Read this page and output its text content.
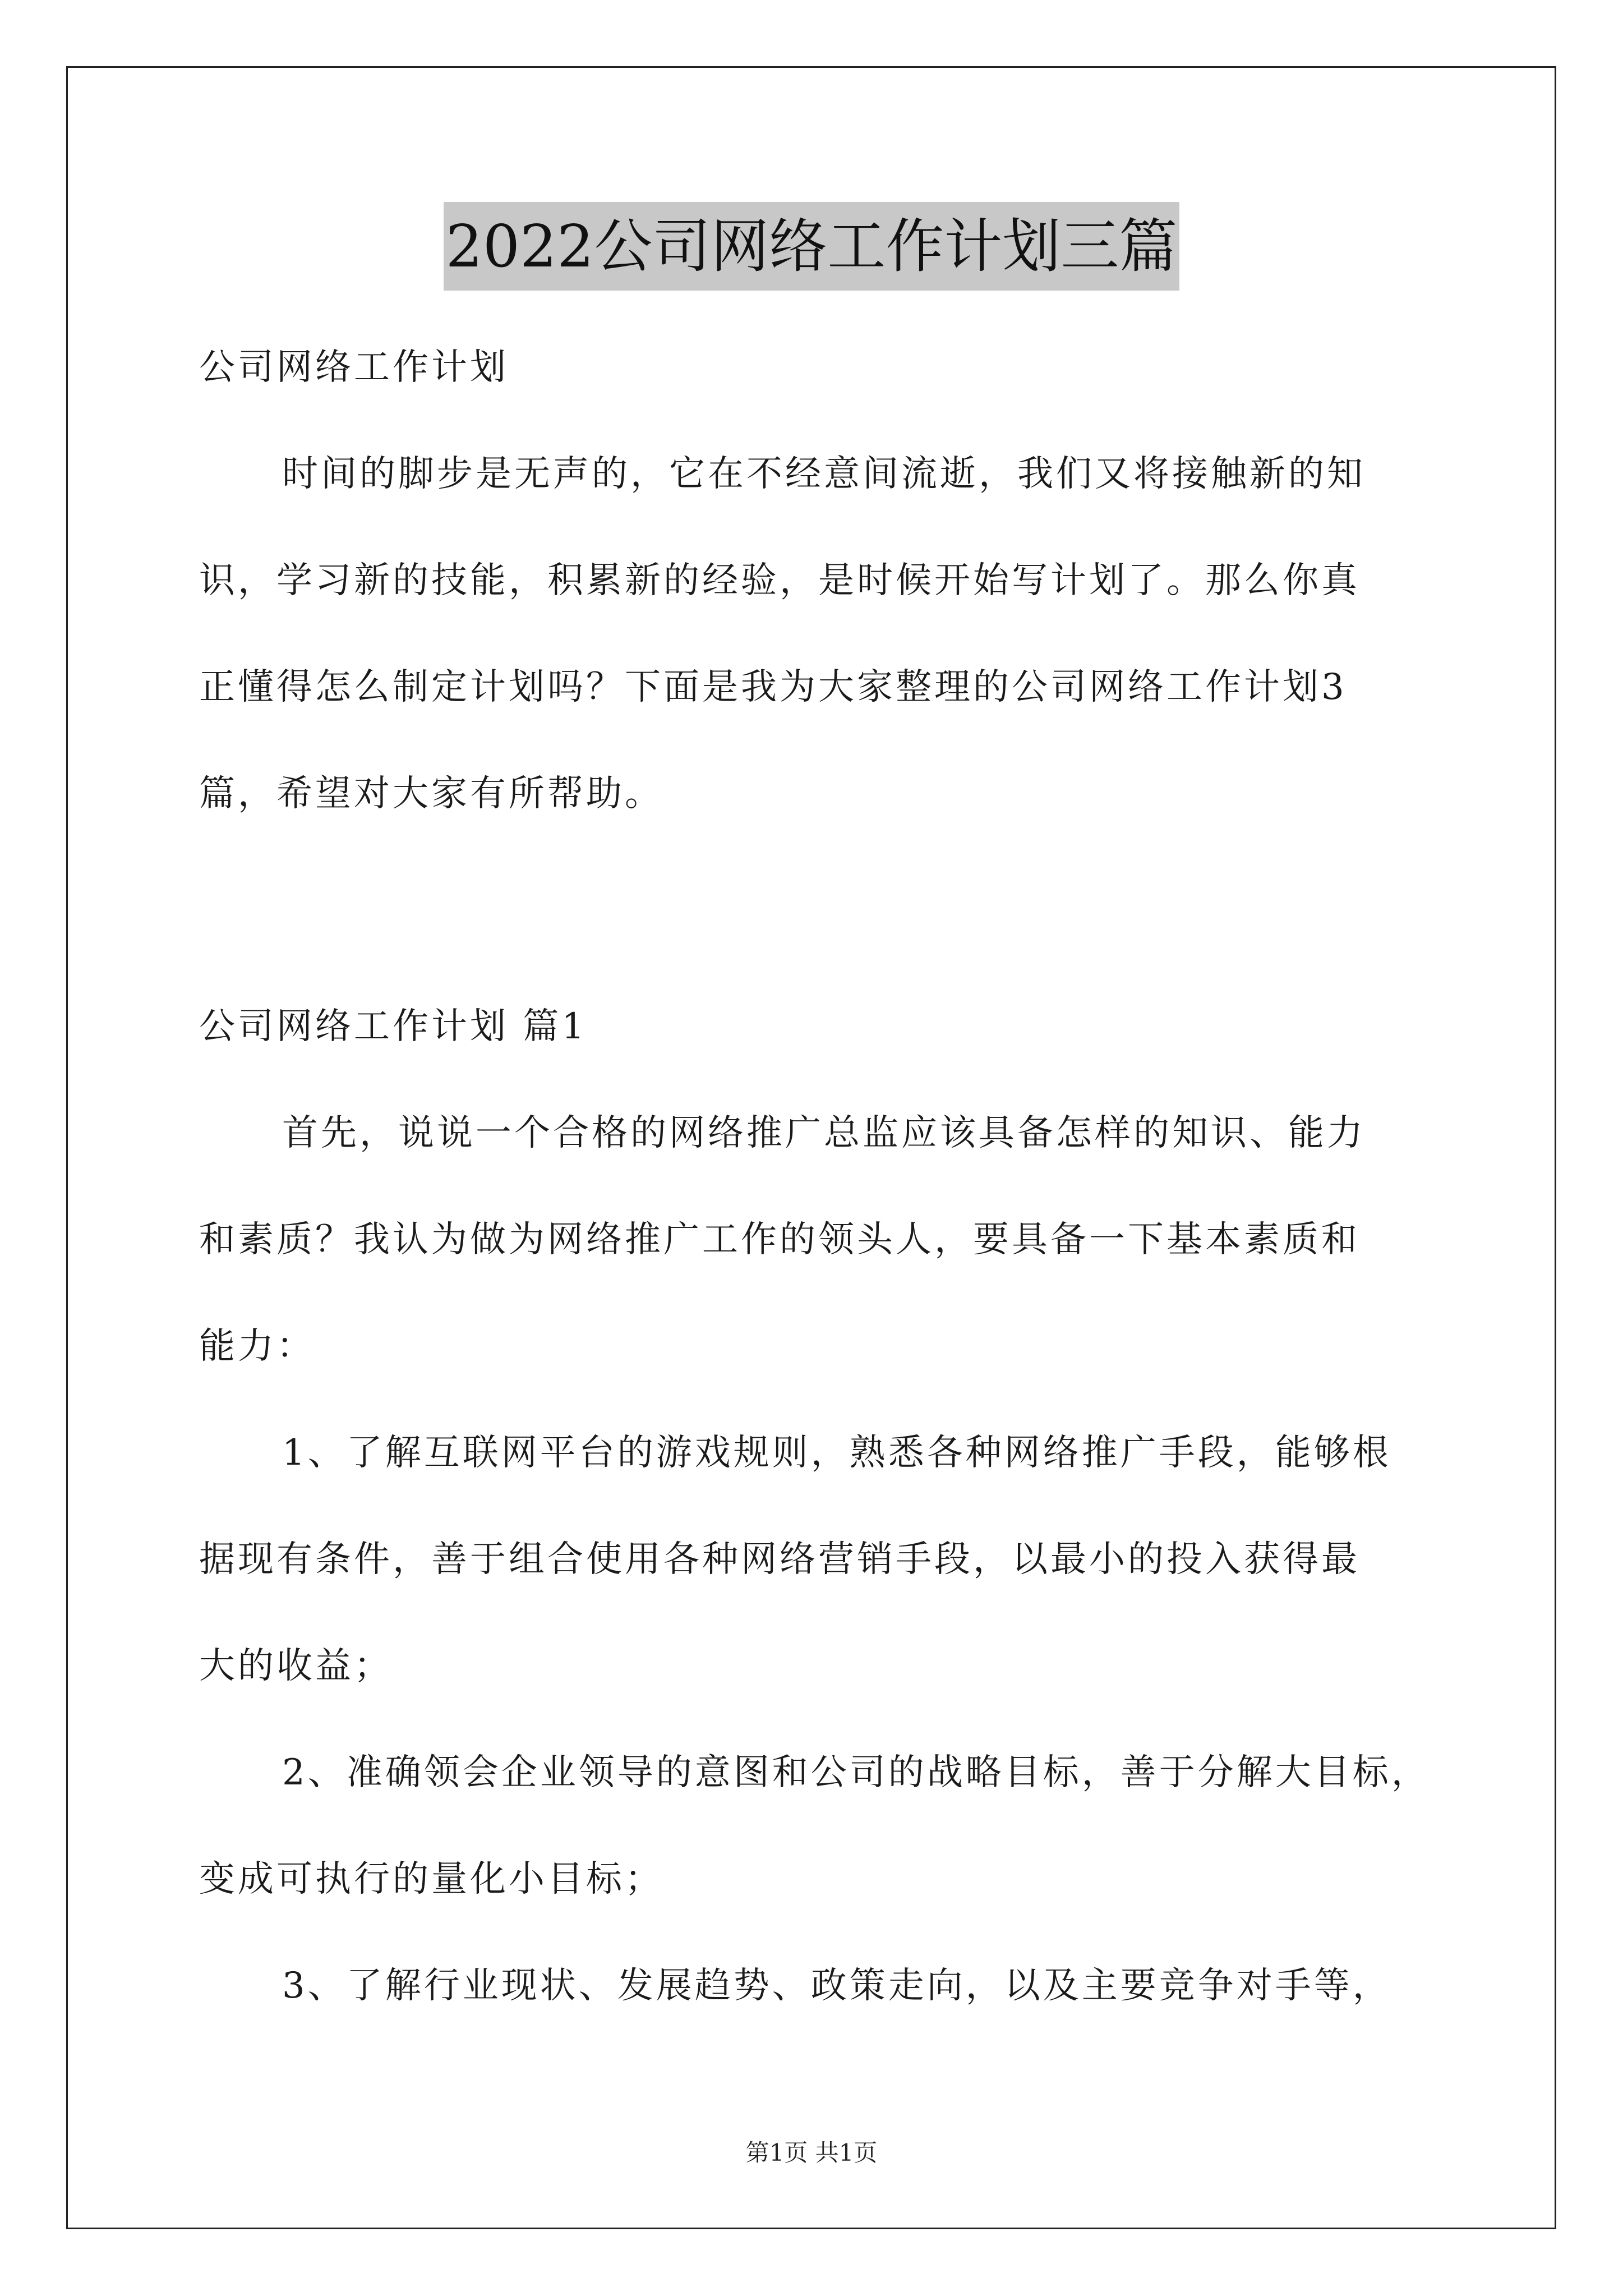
2022公司网络工作计划三篇
公司网络工作计划
时间的脚步是无声的，它在不经意间流逝，我们又将接触新的知
识，学习新的技能，积累新的经验，是时候开始写计划了。那么你真
正懂得怎么制定计划吗？下面是我为大家整理的公司网络工作计划3
篇，希望对大家有所帮助。
公司网络工作计划 篇1
首先，说说一个合格的网络推广总监应该具备怎样的知识、能力
和素质？我认为做为网络推广工作的领头人，要具备一下基本素质和
能力：
1、了解互联网平台的游戏规则，熟悉各种网络推广手段，能够根
据现有条件，善于组合使用各种网络营销手段，以最小的投入获得最
大的收益；
2、准确领会企业领导的意图和公司的战略目标，善于分解大目标，
变成可执行的量化小目标；
3、了解行业现状、发展趋势、政策走向，以及主要竞争对手等，
第1页 共1页
